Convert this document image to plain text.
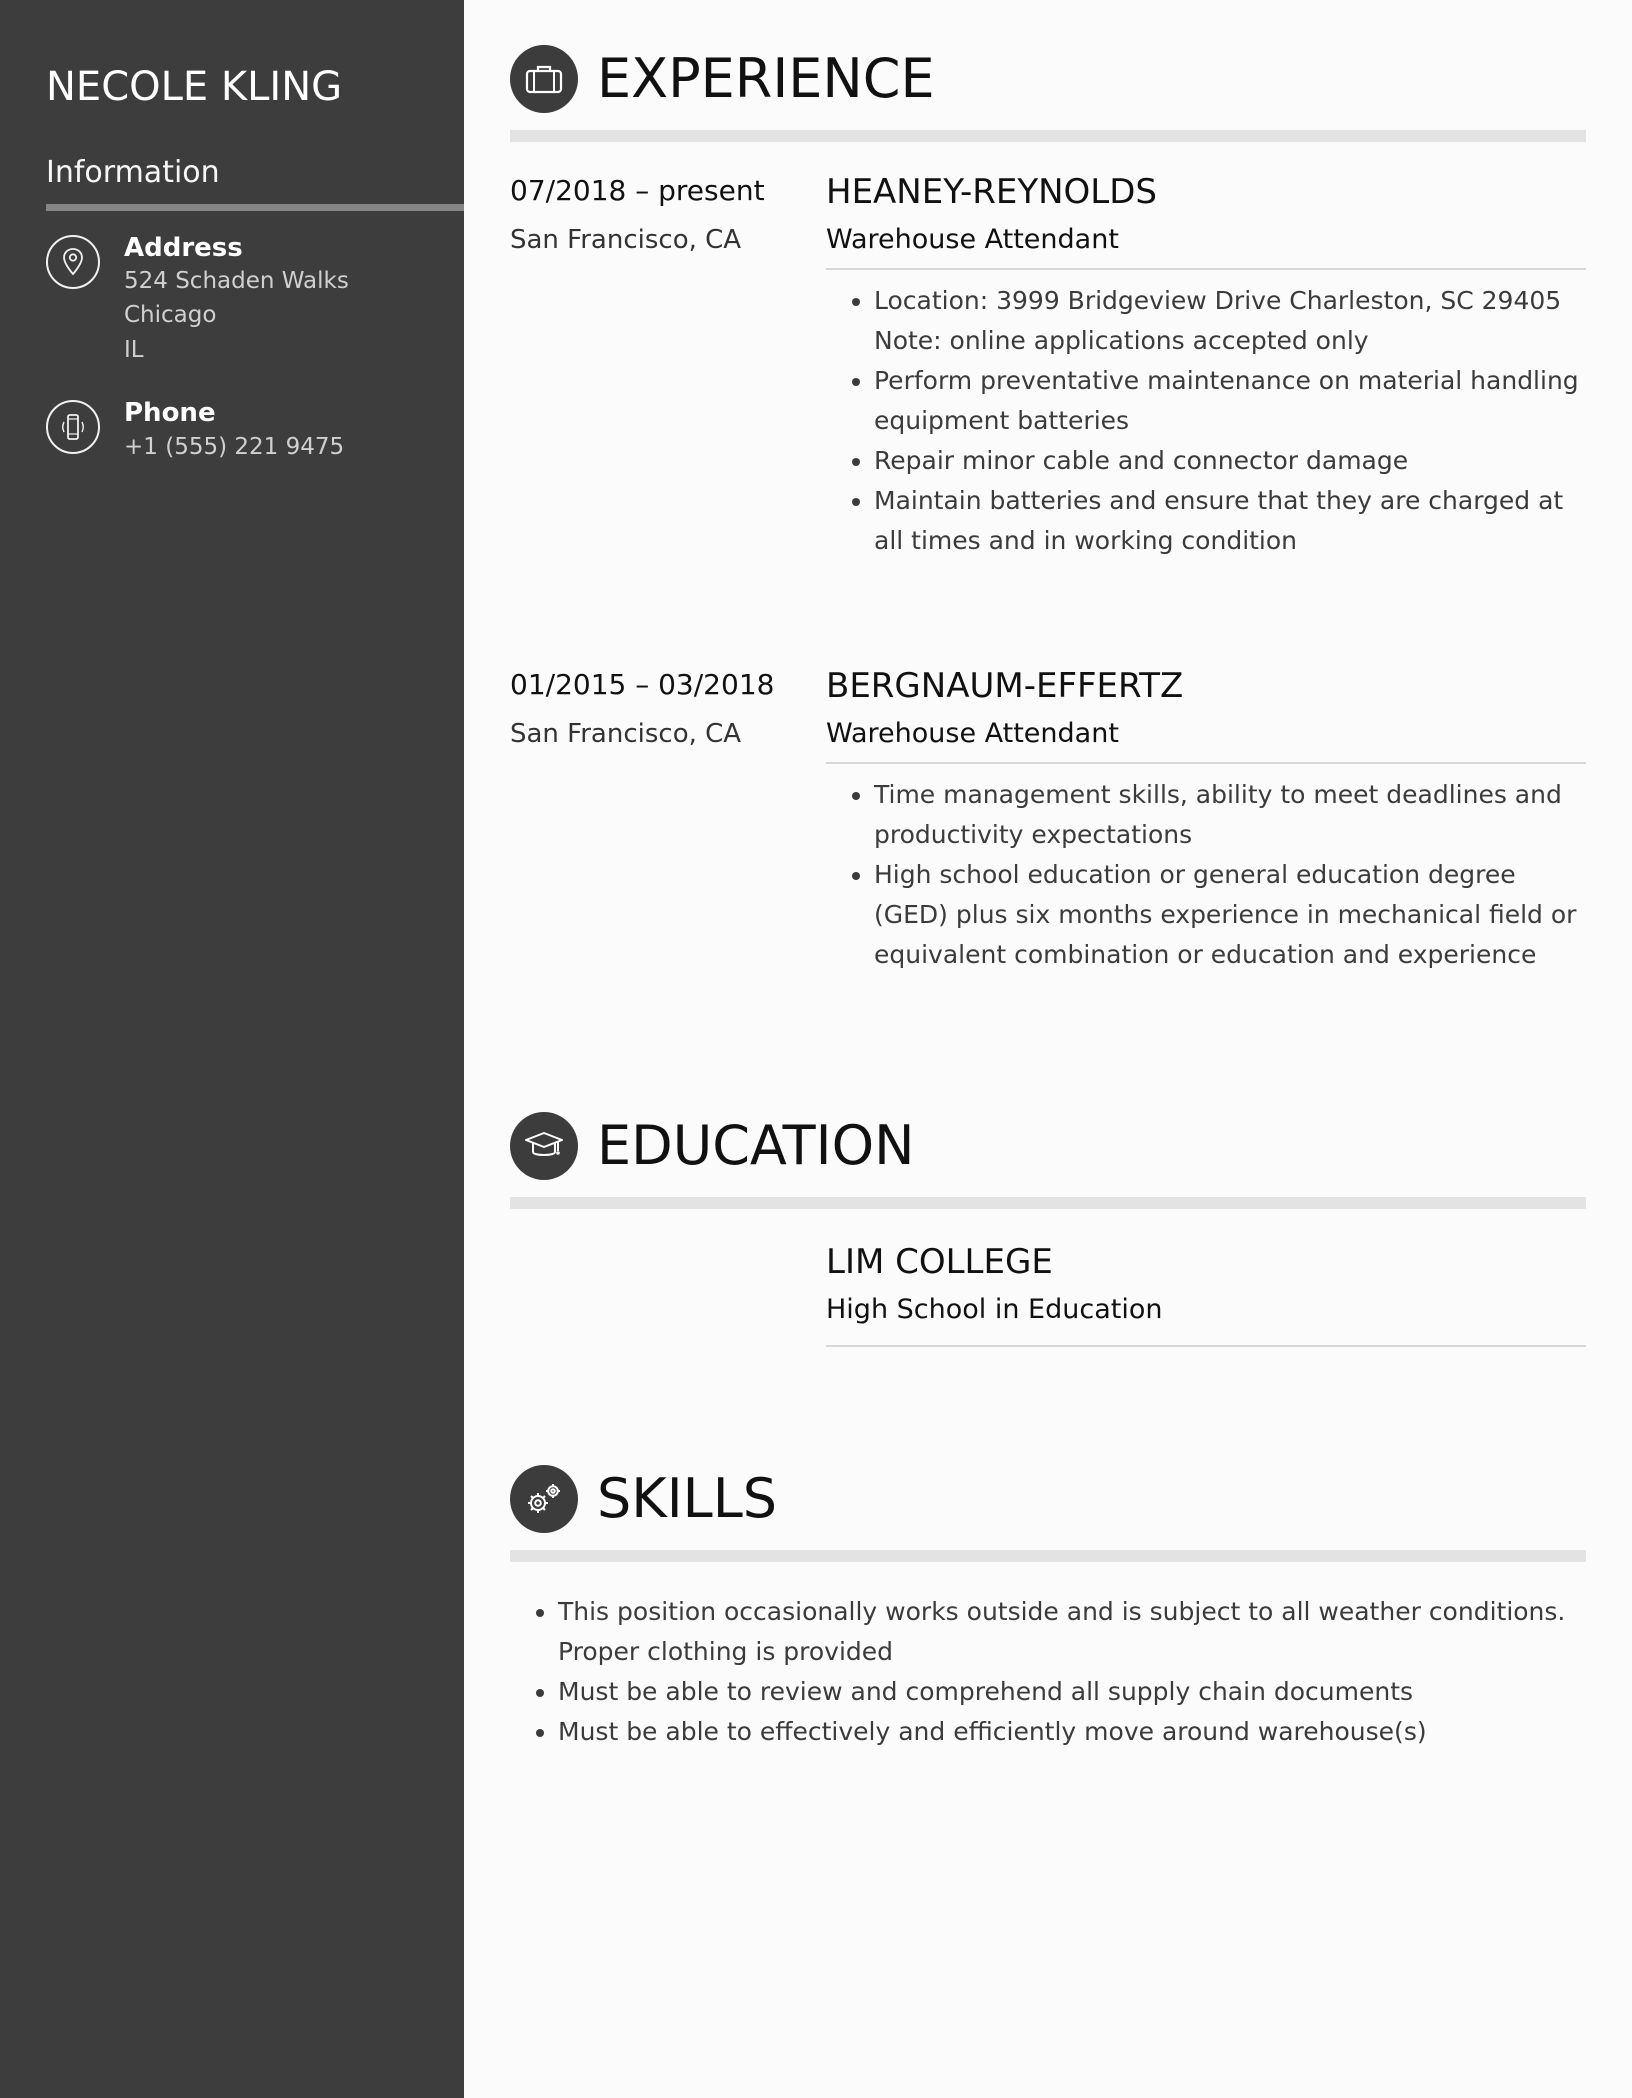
NECOLE KLING
Information
Address
524 Schaden Walks
Chicago
IL
Phone
+1 (555) 221 9475
EXPERIENCE
07/2018 – present
San Francisco, CA
HEANEY-REYNOLDS
Warehouse Attendant
• Location: 3999 Bridgeview Drive Charleston, SC 29405 Note: online applications accepted only
• Perform preventative maintenance on material handling equipment batteries
• Repair minor cable and connector damage
• Maintain batteries and ensure that they are charged at all times and in working condition
01/2015 – 03/2018
San Francisco, CA
BERGNAUM-EFFERTZ
Warehouse Attendant
• Time management skills, ability to meet deadlines and productivity expectations
• High school education or general education degree (GED) plus six months experience in mechanical field or equivalent combination or education and experience
EDUCATION
LIM COLLEGE
High School in Education
SKILLS
• This position occasionally works outside and is subject to all weather conditions. Proper clothing is provided
• Must be able to review and comprehend all supply chain documents
• Must be able to effectively and efficiently move around warehouse(s)
